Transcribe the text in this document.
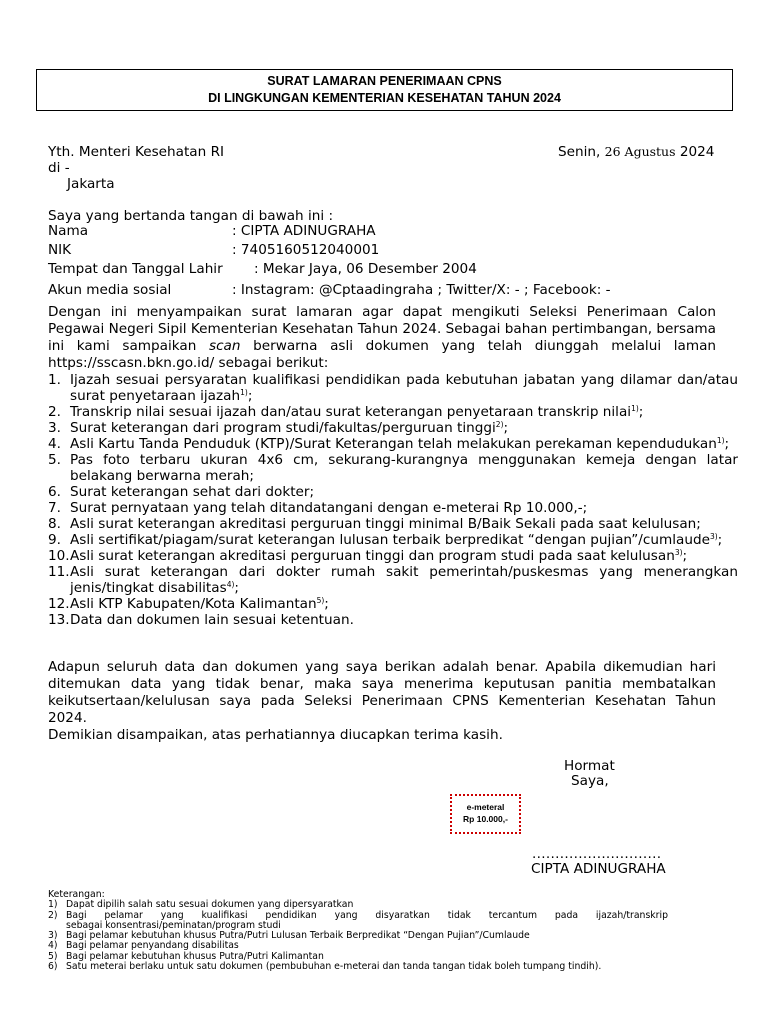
SURAT LAMARAN PENERIMAAN CPNS
DI LINGKUNGAN KEMENTERIAN KESEHATAN TAHUN 2024
Yth. Menteri Kesehatan RI
di -
Jakarta
Senin, 26 Agustus 2024
Saya yang bertanda tangan di bawah ini :
Nama	: CIPTA ADINUGRAHA
NIK	: 7405160512040001
Tempat dan Tanggal Lahir : Mekar Jaya, 06 Desember 2004
Akun media sosial	: Instagram: @Cptaadingraha ; Twitter/X: - ; Facebook: -
Dengan ini menyampaikan surat lamaran agar dapat mengikuti Seleksi Penerimaan Calon Pegawai Negeri Sipil Kementerian Kesehatan Tahun 2024. Sebagai bahan pertimbangan, bersama ini kami sampaikan scan berwarna asli dokumen yang telah diunggah melalui laman https://sscasn.bkn.go.id/ sebagai berikut:
1. Ijazah sesuai persyaratan kualifikasi pendidikan pada kebutuhan jabatan yang dilamar dan/atau surat penyetaraan ijazah$^{1)}$;
2. Transkrip nilai sesuai ijazah dan/atau surat keterangan penyetaraan transkrip nilai$^{1)}$;
3. Surat keterangan dari program studi/fakultas/perguruan tinggi$^{2)}$;
4. Asli Kartu Tanda Penduduk (KTP)/Surat Keterangan telah melakukan perekaman kependudukan$^{1)}$;
5. Pas foto terbaru ukuran 4x6 cm, sekurang-kurangnya menggunakan kemeja dengan latar belakang berwarna merah;
6. Surat keterangan sehat dari dokter;
7. Surat pernyataan yang telah ditandatangani dengan e-meterai Rp 10.000,-;
8. Asli surat keterangan akreditasi perguruan tinggi minimal B/Baik Sekali pada saat kelulusan;
9. Asli sertifikat/piagam/surat keterangan lulusan terbaik berpredikat “dengan pujian”/cumlaude$^{3)}$;
10. Asli surat keterangan akreditasi perguruan tinggi dan program studi pada saat kelulusan$^{3)}$;
11. Asli surat keterangan dari dokter rumah sakit pemerintah/puskesmas yang menerangkan jenis/tingkat disabilitas$^{4)}$;
12. Asli KTP Kabupaten/Kota Kalimantan$^{5)}$;
13. Data dan dokumen lain sesuai ketentuan.
Adapun seluruh data dan dokumen yang saya berikan adalah benar. Apabila dikemudian hari ditemukan data yang tidak benar, maka saya menerima keputusan panitia membatalkan keikutsertaan/kelulusan saya pada Seleksi Penerimaan CPNS Kementerian Kesehatan Tahun 2024.
Demikian disampaikan, atas perhatiannya diucapkan terima kasih.
Hormat
Saya,
e-meteral
Rp 10.000,-
............................
CIPTA ADINUGRAHA
Keterangan:
1) Dapat dipilih salah satu sesuai dokumen yang dipersyaratkan
2) Bagi pelamar yang kualifikasi pendidikan yang disyaratkan tidak tercantum pada ijazah/transkrip
sebagai konsentrasi/peminatan/program studi
3) Bagi pelamar kebutuhan khusus Putra/Putri Lulusan Terbaik Berpredikat “Dengan Pujian”/Cumlaude
4) Bagi pelamar penyandang disabilitas
5) Bagi pelamar kebutuhan khusus Putra/Putri Kalimantan
6) Satu meterai berlaku untuk satu dokumen (pembubuhan e-meterai dan tanda tangan tidak boleh tumpang tindih).
